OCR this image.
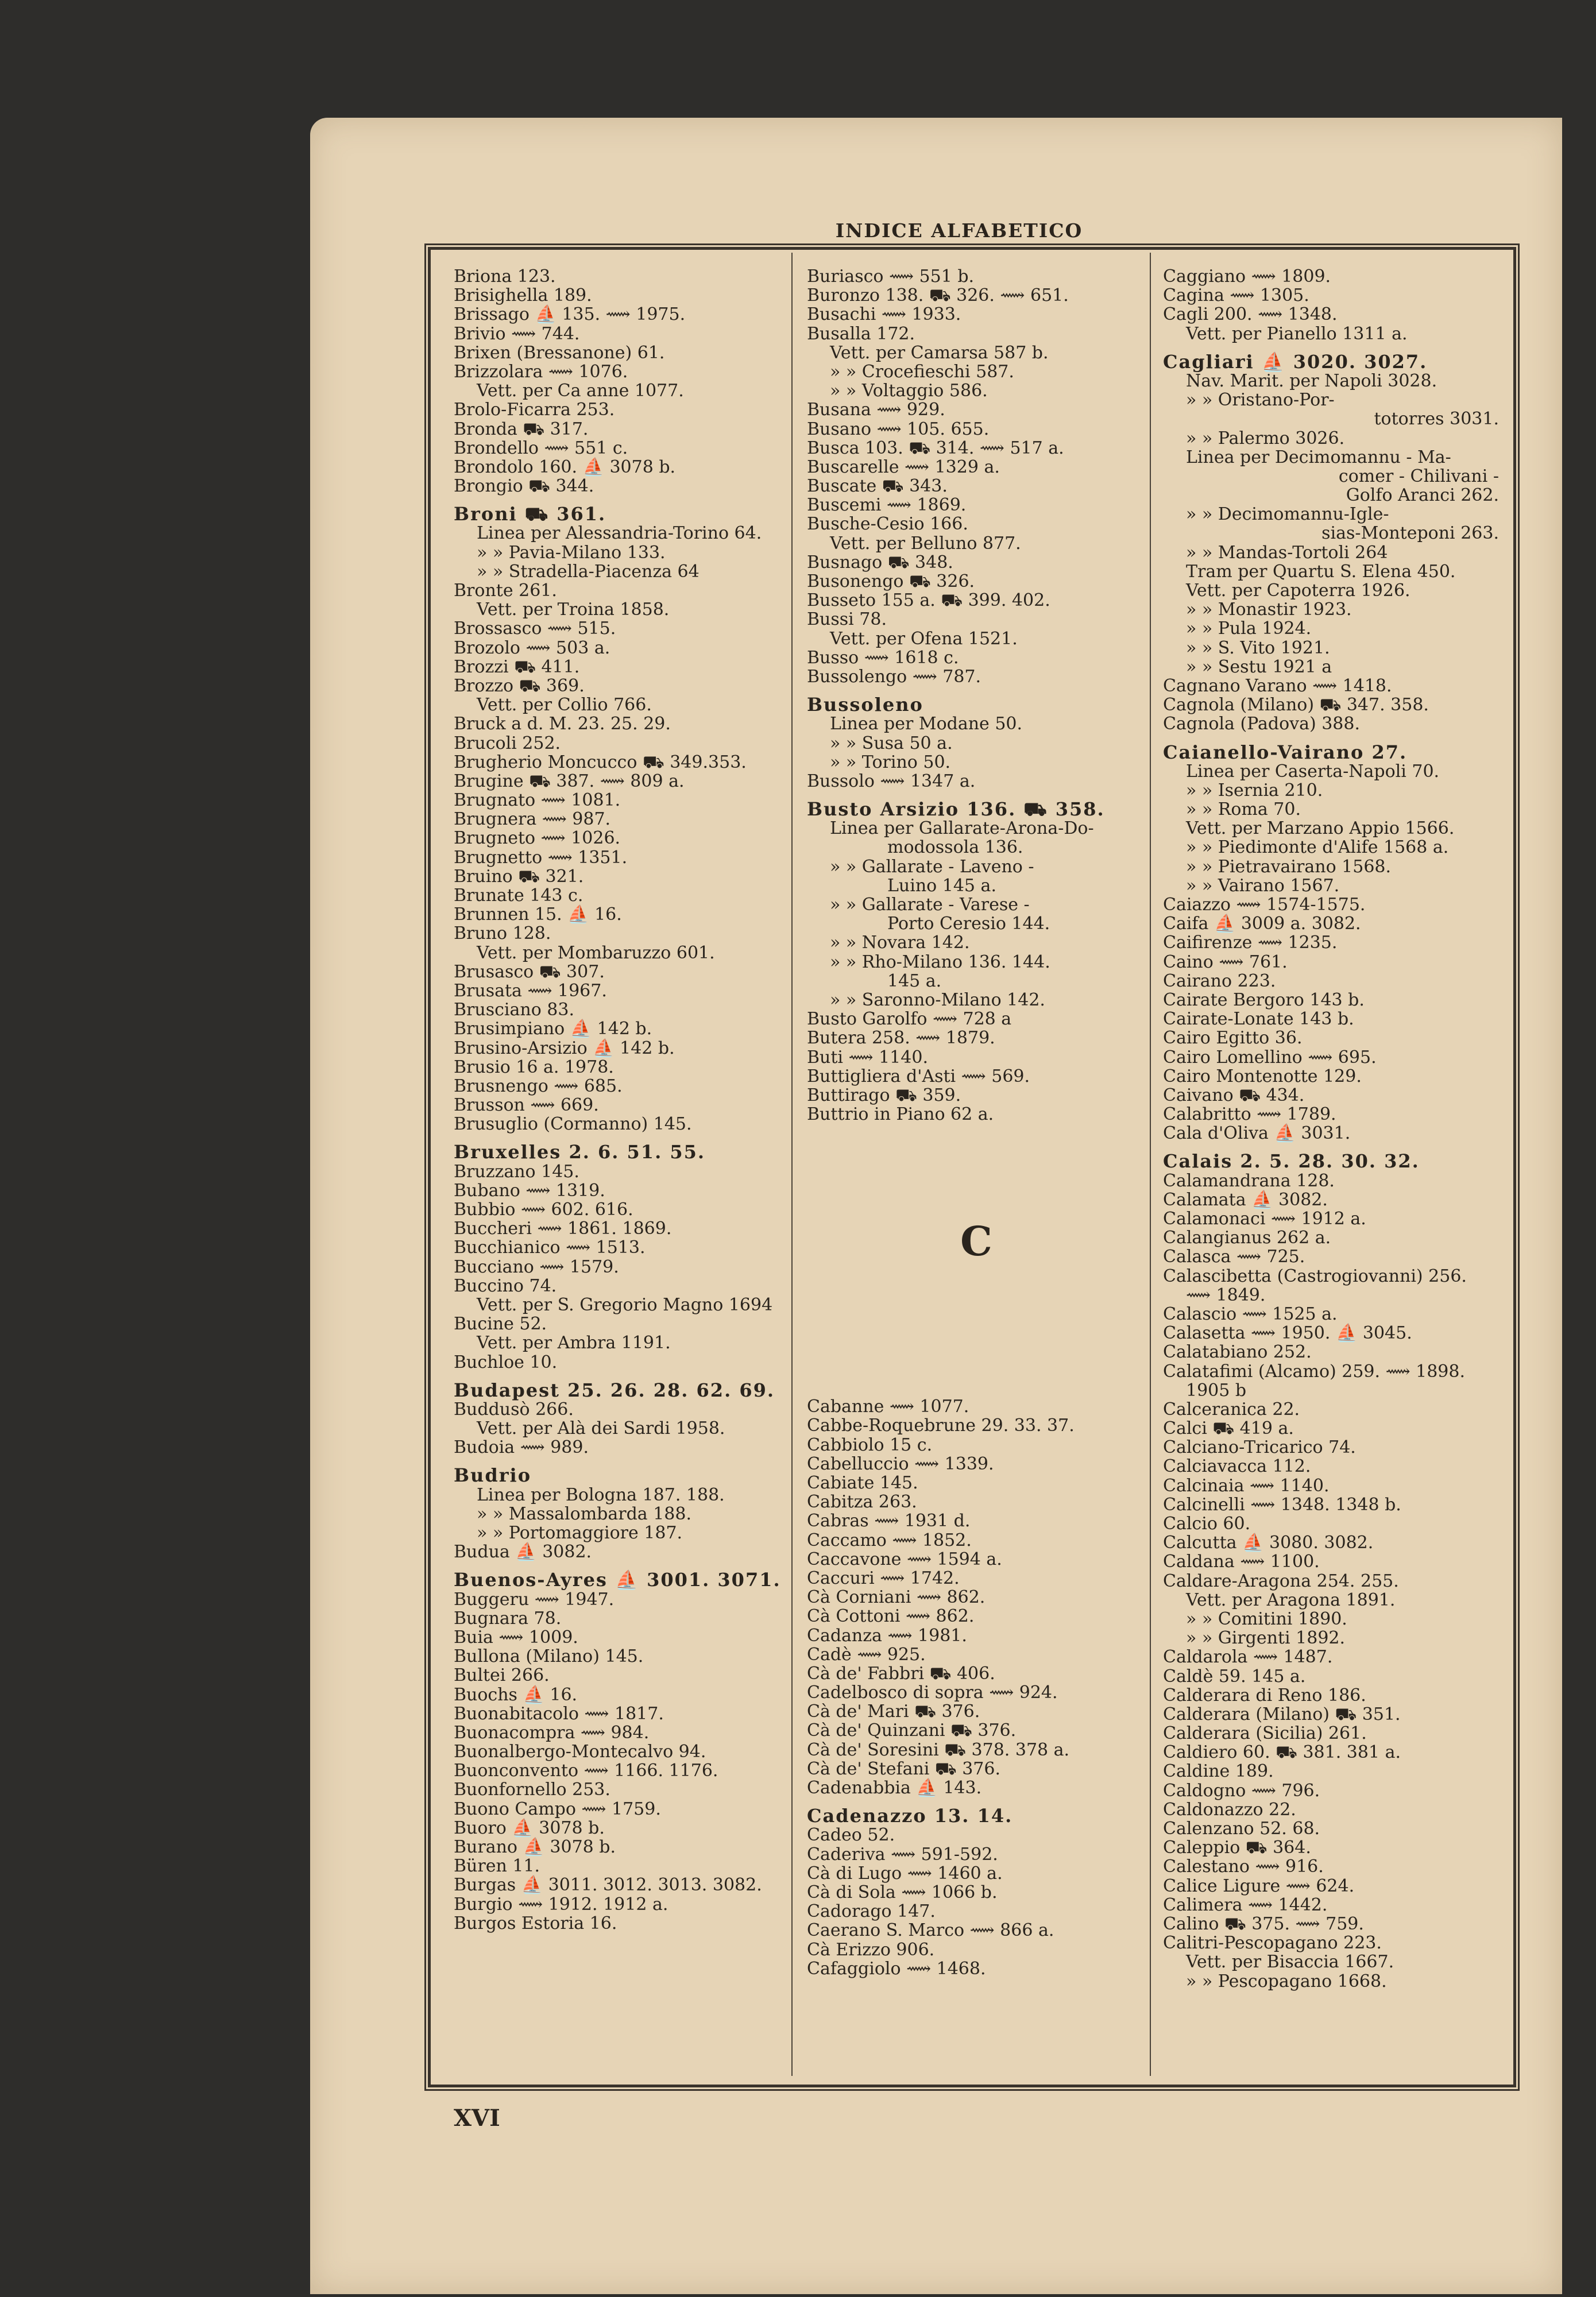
INDICE ALFABETICO
Briona 123.
Brisighella 189.
Brissago ⛵ 135. ⟿ 1975.
Brivio ⟿ 744.
Brixen (Bressanone) 61.
Brizzolara ⟿ 1076.
Vett. per Ca anne 1077.
Brolo-Ficarra 253.
Bronda ⛟ 317.
Brondello ⟿ 551 c.
Brondolo 160. ⛵ 3078 b.
Brongio ⛟ 344.
Broni ⛟ 361.
Linea per Alessandria-Torino 64.
» » Pavia-Milano 133.
» » Stradella-Piacenza 64
Bronte 261.
Vett. per Troina 1858.
Brossasco ⟿ 515.
Brozolo ⟿ 503 a.
Brozzi ⛟ 411.
Brozzo ⛟ 369.
Vett. per Collio 766.
Bruck a d. M. 23. 25. 29.
Brucoli 252.
Brugherio Moncucco ⛟ 349.353.
Brugine ⛟ 387. ⟿ 809 a.
Brugnato ⟿ 1081.
Brugnera ⟿ 987.
Brugneto ⟿ 1026.
Brugnetto ⟿ 1351.
Bruino ⛟ 321.
Brunate 143 c.
Brunnen 15. ⛵ 16.
Bruno 128.
Vett. per Mombaruzzo 601.
Brusasco ⛟ 307.
Brusata ⟿ 1967.
Brusciano 83.
Brusimpiano ⛵ 142 b.
Brusino-Arsizio ⛵ 142 b.
Brusio 16 a. 1978.
Brusnengo ⟿ 685.
Brusson ⟿ 669.
Brusuglio (Cormanno) 145.
Bruxelles 2. 6. 51. 55.
Bruzzano 145.
Bubano ⟿ 1319.
Bubbio ⟿ 602. 616.
Buccheri ⟿ 1861. 1869.
Bucchianico ⟿ 1513.
Bucciano ⟿ 1579.
Buccino 74.
Vett. per S. Gregorio Magno 1694
Bucine 52.
Vett. per Ambra 1191.
Buchloe 10.
Budapest 25. 26. 28. 62. 69.
Buddusò 266.
Vett. per Alà dei Sardi 1958.
Budoia ⟿ 989.
Budrio
Linea per Bologna 187. 188.
» » Massalombarda 188.
» » Portomaggiore 187.
Budua ⛵ 3082.
Buenos-Ayres ⛵ 3001. 3071.
Buggeru ⟿ 1947.
Bugnara 78.
Buia ⟿ 1009.
Bullona (Milano) 145.
Bultei 266.
Buochs ⛵ 16.
Buonabitacolo ⟿ 1817.
Buonacompra ⟿ 984.
Buonalbergo-Montecalvo 94.
Buonconvento ⟿ 1166. 1176.
Buonfornello 253.
Buono Campo ⟿ 1759.
Buoro ⛵ 3078 b.
Burano ⛵ 3078 b.
Büren 11.
Burgas ⛵ 3011. 3012. 3013. 3082.
Burgio ⟿ 1912. 1912 a.
Burgos Estoria 16.
Buriasco ⟿ 551 b.
Buronzo 138. ⛟ 326. ⟿ 651.
Busachi ⟿ 1933.
Busalla 172.
Vett. per Camarsa 587 b.
» » Crocefieschi 587.
» » Voltaggio 586.
Busana ⟿ 929.
Busano ⟿ 105. 655.
Busca 103. ⛟ 314. ⟿ 517 a.
Buscarelle ⟿ 1329 a.
Buscate ⛟ 343.
Buscemi ⟿ 1869.
Busche-Cesio 166.
Vett. per Belluno 877.
Busnago ⛟ 348.
Busonengo ⛟ 326.
Busseto 155 a. ⛟ 399. 402.
Bussi 78.
Vett. per Ofena 1521.
Busso ⟿ 1618 c.
Bussolengo ⟿ 787.
Bussoleno
Linea per Modane 50.
» » Susa 50 a.
» » Torino 50.
Bussolo ⟿ 1347 a.
Busto Arsizio 136. ⛟ 358.
Linea per Gallarate-Arona-Do-
modossola 136.
» » Gallarate - Laveno -
Luino 145 a.
» » Gallarate - Varese -
Porto Ceresio 144.
» » Novara 142.
» » Rho-Milano 136. 144.
145 a.
» » Saronno-Milano 142.
Busto Garolfo ⟿ 728 a
Butera 258. ⟿ 1879.
Buti ⟿ 1140.
Buttigliera d'Asti ⟿ 569.
Buttirago ⛟ 359.
Buttrio in Piano 62 a.
C
Cabanne ⟿ 1077.
Cabbe-Roquebrune 29. 33. 37.
Cabbiolo 15 c.
Cabelluccio ⟿ 1339.
Cabiate 145.
Cabitza 263.
Cabras ⟿ 1931 d.
Caccamo ⟿ 1852.
Caccavone ⟿ 1594 a.
Caccuri ⟿ 1742.
Cà Corniani ⟿ 862.
Cà Cottoni ⟿ 862.
Cadanza ⟿ 1981.
Cadè ⟿ 925.
Cà de' Fabbri ⛟ 406.
Cadelbosco di sopra ⟿ 924.
Cà de' Mari ⛟ 376.
Cà de' Quinzani ⛟ 376.
Cà de' Soresini ⛟ 378. 378 a.
Cà de' Stefani ⛟ 376.
Cadenabbia ⛵ 143.
Cadenazzo 13. 14.
Cadeo 52.
Caderiva ⟿ 591-592.
Cà di Lugo ⟿ 1460 a.
Cà di Sola ⟿ 1066 b.
Cadorago 147.
Caerano S. Marco ⟿ 866 a.
Cà Erizzo 906.
Cafaggiolo ⟿ 1468.
Caggiano ⟿ 1809.
Cagina ⟿ 1305.
Cagli 200. ⟿ 1348.
Vett. per Pianello 1311 a.
Cagliari ⛵ 3020. 3027.
Nav. Marit. per Napoli 3028.
» » Oristano-Por-
totorres 3031.
» » Palermo 3026.
Linea per Decimomannu - Ma-
comer - Chilivani -
Golfo Aranci 262.
» » Decimomannu-Igle-
sias-Monteponi 263.
» » Mandas-Tortoli 264
Tram per Quartu S. Elena 450.
Vett. per Capoterra 1926.
» » Monastir 1923.
» » Pula 1924.
» » S. Vito 1921.
» » Sestu 1921 a
Cagnano Varano ⟿ 1418.
Cagnola (Milano) ⛟ 347. 358.
Cagnola (Padova) 388.
Caianello-Vairano 27.
Linea per Caserta-Napoli 70.
» » Isernia 210.
» » Roma 70.
Vett. per Marzano Appio 1566.
» » Piedimonte d'Alife 1568 a.
» » Pietravairano 1568.
» » Vairano 1567.
Caiazzo ⟿ 1574-1575.
Caifa ⛵ 3009 a. 3082.
Caifirenze ⟿ 1235.
Caino ⟿ 761.
Cairano 223.
Cairate Bergoro 143 b.
Cairate-Lonate 143 b.
Cairo Egitto 36.
Cairo Lomellino ⟿ 695.
Cairo Montenotte 129.
Caivano ⛟ 434.
Calabritto ⟿ 1789.
Cala d'Oliva ⛵ 3031.
Calais 2. 5. 28. 30. 32.
Calamandrana 128.
Calamata ⛵ 3082.
Calamonaci ⟿ 1912 a.
Calangianus 262 a.
Calasca ⟿ 725.
Calascibetta (Castrogiovanni) 256.
⟿ 1849.
Calascio ⟿ 1525 a.
Calasetta ⟿ 1950. ⛵ 3045.
Calatabiano 252.
Calatafimi (Alcamo) 259. ⟿ 1898.
1905 b
Calceranica 22.
Calci ⛟ 419 a.
Calciano-Tricarico 74.
Calciavacca 112.
Calcinaia ⟿ 1140.
Calcinelli ⟿ 1348. 1348 b.
Calcio 60.
Calcutta ⛵ 3080. 3082.
Caldana ⟿ 1100.
Caldare-Aragona 254. 255.
Vett. per Aragona 1891.
» » Comitini 1890.
» » Girgenti 1892.
Caldarola ⟿ 1487.
Caldè 59. 145 a.
Calderara di Reno 186.
Calderara (Milano) ⛟ 351.
Calderara (Sicilia) 261.
Caldiero 60. ⛟ 381. 381 a.
Caldine 189.
Caldogno ⟿ 796.
Caldonazzo 22.
Calenzano 52. 68.
Caleppio ⛟ 364.
Calestano ⟿ 916.
Calice Ligure ⟿ 624.
Calimera ⟿ 1442.
Calino ⛟ 375. ⟿ 759.
Calitri-Pescopagano 223.
Vett. per Bisaccia 1667.
» » Pescopagano 1668.
XVI
